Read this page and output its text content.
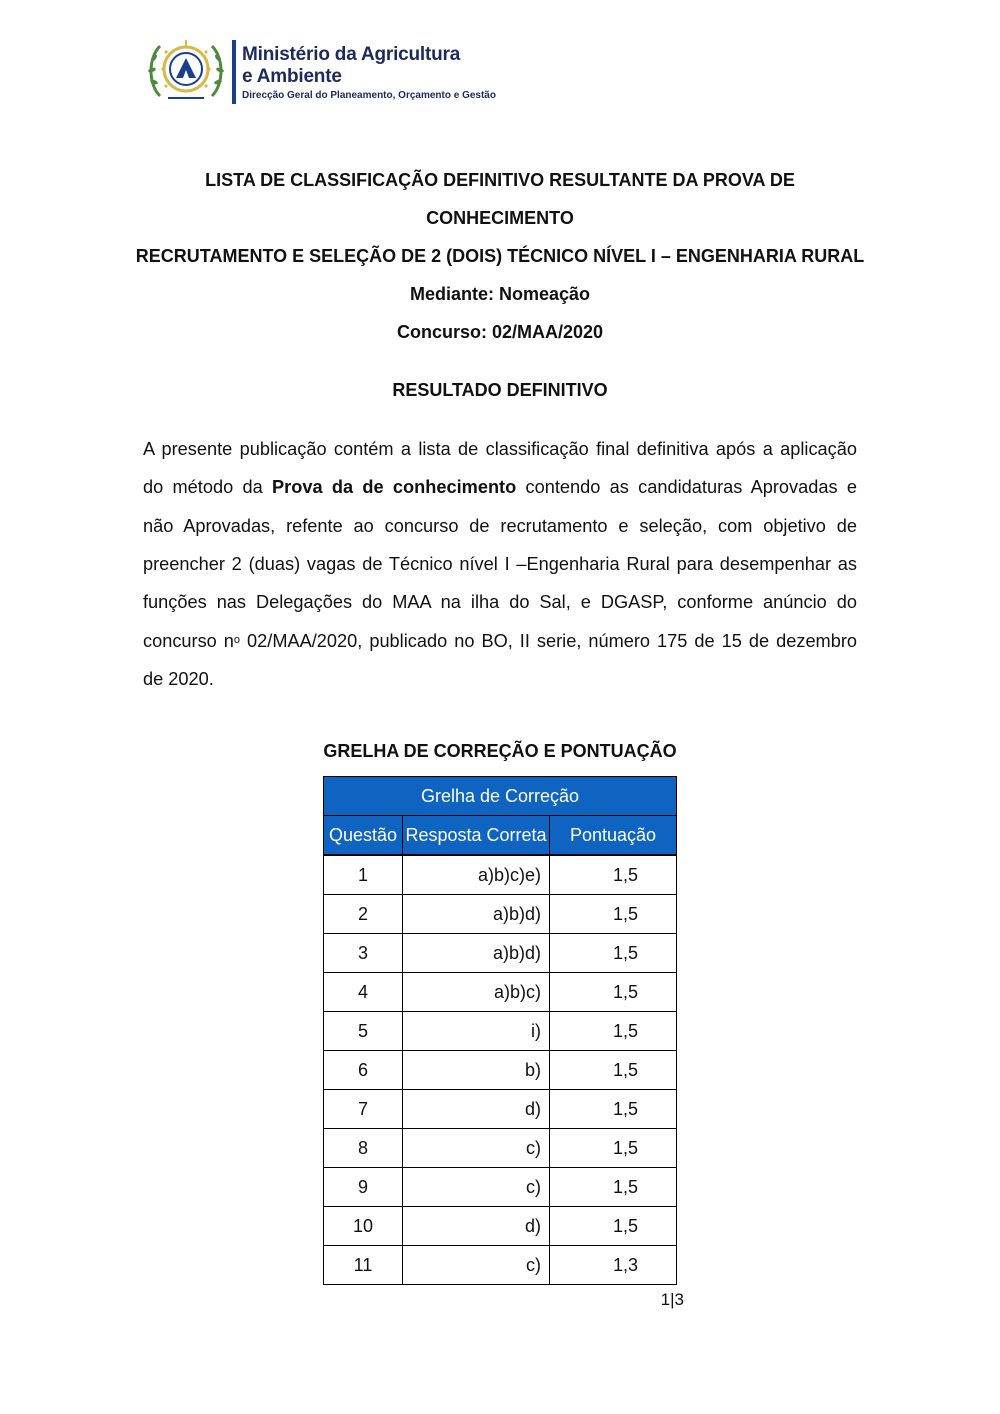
Ministério da Agricultura
e Ambiente
Direcção Geral do Planeamento, Orçamento e Gestão
LISTA DE CLASSIFICAÇÃO DEFINITIVO RESULTANTE DA PROVA DE
CONHECIMENTO
RECRUTAMENTO E SELEÇÃO DE 2 (DOIS) TÉCNICO NÍVEL I – ENGENHARIA RURAL
Mediante: Nomeação
Concurso: 02/MAA/2020
RESULTADO DEFINITIVO
A presente publicação contém a lista de classificação final definitiva após a aplicação
do método da Prova da de conhecimento contendo as candidaturas Aprovadas e
não Aprovadas, refente ao concurso de recrutamento e seleção, com objetivo de
preencher 2 (duas) vagas de Técnico nível I –Engenharia Rural para desempenhar as
funções nas Delegações do MAA na ilha do Sal, e DGASP, conforme anúncio do
concurso $n^o$ 02/MAA/2020, publicado no BO, II serie, número 175 de 15 de dezembro
de 2020.
GRELHA DE CORREÇÃO E PONTUAÇÃO
Grelha de Correção		
Questão	Resposta Correta	Pontuação
1	a)b)c)e)	1,5
2	a)b)d)	1,5
3	a)b)d)	1,5
4	a)b)c)	1,5
5	i)	1,5
6	b)	1,5
7	d)	1,5
8	c)	1,5
9	c)	1,5
10	d)	1,5
11	c)	1,3
1|3
